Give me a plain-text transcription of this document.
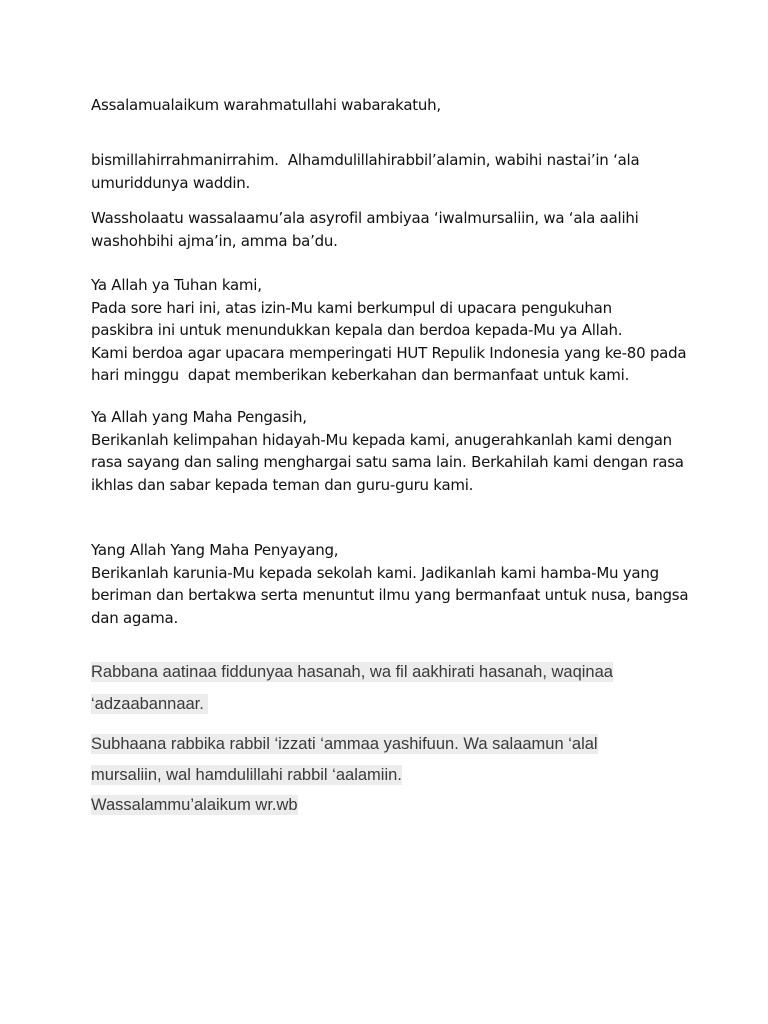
Assalamualaikum warahmatullahi wabarakatuh,

bismillahirrahmanirrahim.  Alhamdulillahirabbil’alamin, wabihi nastai’in ‘ala
umuriddunya waddin.

Wassholaatu wassalaamu’ala asyrofil ambiyaa ‘iwalmursaliin, wa ‘ala aalihi
washohbihi ajma’in, amma ba’du.

Ya Allah ya Tuhan kami,
Pada sore hari ini, atas izin-Mu kami berkumpul di upacara pengukuhan
paskibra ini untuk menundukkan kepala dan berdoa kepada-Mu ya Allah.
Kami berdoa agar upacara memperingati HUT Repulik Indonesia yang ke-80 pada
hari minggu  dapat memberikan keberkahan dan bermanfaat untuk kami.

Ya Allah yang Maha Pengasih,
Berikanlah kelimpahan hidayah-Mu kepada kami, anugerahkanlah kami dengan
rasa sayang dan saling menghargai satu sama lain. Berkahilah kami dengan rasa
ikhlas dan sabar kepada teman dan guru-guru kami.

Yang Allah Yang Maha Penyayang,
Berikanlah karunia-Mu kepada sekolah kami. Jadikanlah kami hamba-Mu yang
beriman dan bertakwa serta menuntut ilmu yang bermanfaat untuk nusa, bangsa
dan agama.

Rabbana aatinaa fiddunyaa hasanah, wa fil aakhirati hasanah, waqinaa
‘adzaabannaar.

Subhaana rabbika rabbil ‘izzati ‘ammaa yashifuun. Wa salaamun ‘alal
mursaliin, wal hamdulillahi rabbil ‘aalamiin.

Wassalammu’alaikum wr.wb
